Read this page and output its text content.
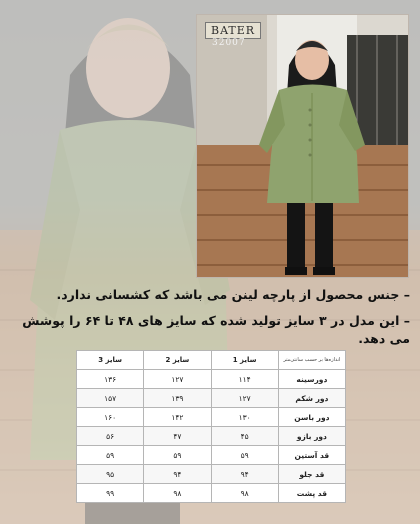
BATER
32007
– جنس محصول از پارچه لینن می باشد که کشسانی ندارد.
– این مدل در ۳ سایز تولید شده که سایز های ۴۸ تا ۶۴ را پوشش می دهد.
اندازه‌ها بر حسب سانتی‌متر	سایز 1	سایز 2	سایز 3
دورسینه	۱۱۴	۱۲۷	۱۳۶
دور شکم	۱۲۷	۱۳۹	۱۵۷
دور باسن	۱۳۰	۱۴۲	۱۶۰
دور بازو	۴۵	۴۷	۵۶
قد آستین	۵۹	۵۹	۵۹
قد جلو	۹۴	۹۴	۹۵
قد پشت	۹۸	۹۸	۹۹
